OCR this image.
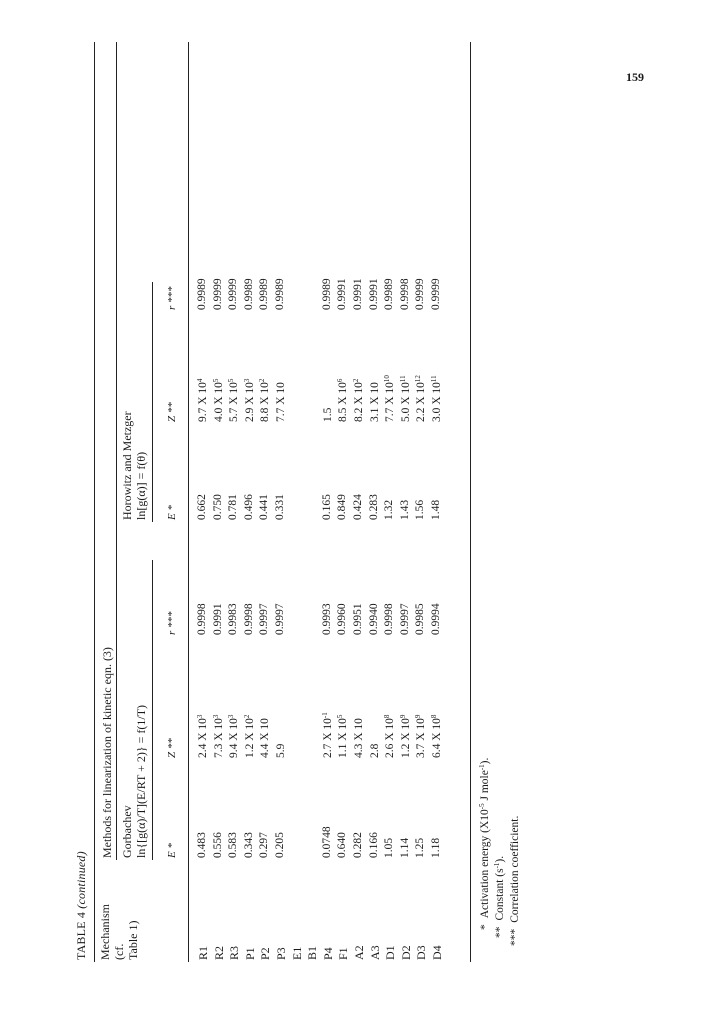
159
TABLE 4 (continued)
Mechanism (cf. Table 1)
Methods for linearization of kinetic eqn. (3) Gorbachev ln{[g(α)/T](E/RT + 2)} = f(1/T)
Horowitz and Metzger ln[g(α)] = f(θ)
E *
Z **
r ***
E *
Z **
r ***
R1
0.483
2.4 X $10^3$
0.9998
0.662
9.7 X $10^4$
0.9989
R2
0.556
7.3 X $10^3$
0.9991
0.750
4.0 X $10^5$
0.9999
R3
0.583
9.4 X $10^3$
0.9983
0.781
5.7 X $10^5$
0.9999
P1
0.343
1.2 X $10^2$
0.9998
0.496
2.9 X $10^3$
0.9989
P2
0.297
4.4 X 10
0.9997
0.441
8.8 X $10^2$
0.9989
P3
0.205
5.9
0.9997
0.331
7.7 X 10
0.9989
E1 B1 P4
0.0748
2.7 X $10^{-1}$
0.9993
0.165
1.5
0.9989
F1
0.640
1.1 X $10^5$
0.9960
0.849
8.5 X $10^6$
0.9991
A2
0.282
4.3 X 10
0.9951
0.424
8.2 X $10^2$
0.9991
A3
0.166
2.8
0.9940
0.283
3.1 X 10
0.9991
D1
1.05
2.6 X $10^8$
0.9998
1.32
7.7 X $10^{10}$
0.9989
D2
1.14
1.2 X $10^9$
0.9997
1.43
5.0 X $10^{11}$
0.9998
D3
1.25
3.7 X $10^9$
0.9985
1.56
2.2 X $10^{12}$
0.9999
D4
1.18
6.4 X $10^8$
0.9994
1.48
3.0 X $10^{11}$
0.9999
*Activation energy ($X10^{-5}$ J mole$^{-1}$).
**Constant $(s^{-1})$.
***Correlation coefficient.
